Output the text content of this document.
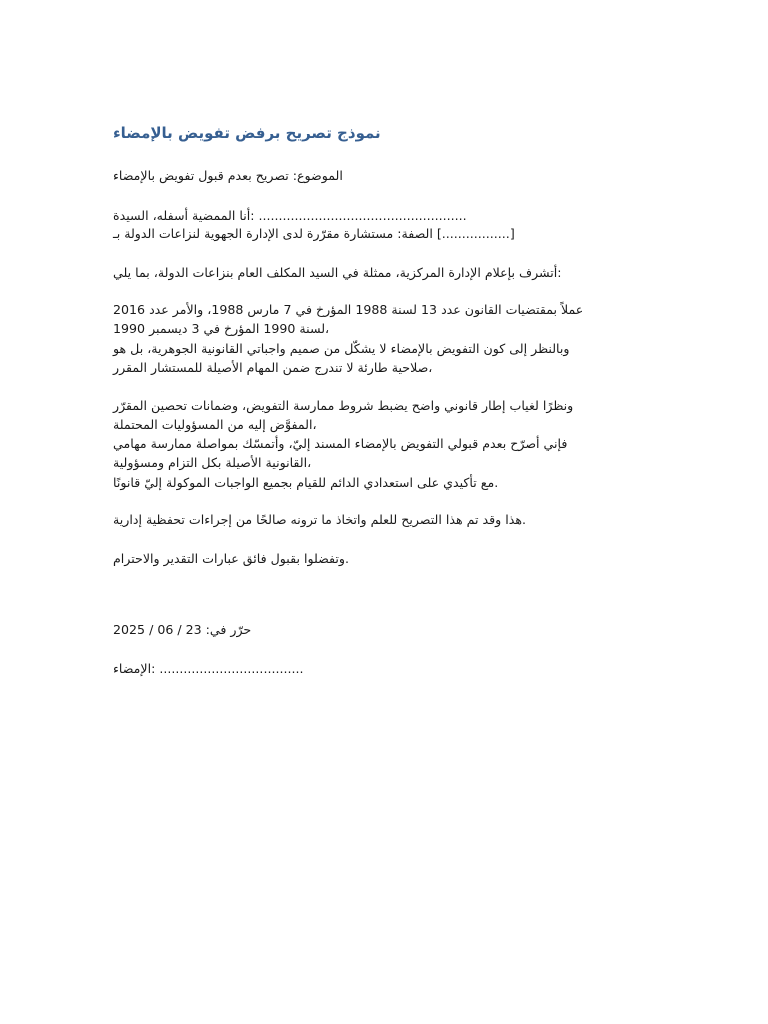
نموذج تصريح برفض تفويض بالإمضاء
الموضوع: تصريح بعدم قبول تفويض بالإمضاء
أنا الممضية أسفله، السيدة: ....................................................
الصفة: مستشارة مقرّرة لدى الإدارة الجهوية لنزاعات الدولة بـ [.................]
أتشرف بإعلام الإدارة المركزية، ممثلة في السيد المكلف العام بنزاعات الدولة، بما يلي:
عملاً بمقتضيات القانون عدد 13 لسنة 1988 المؤرخ في 7 مارس 1988، والأمر عدد 2016
لسنة 1990 المؤرخ في 3 ديسمبر 1990،
وبالنظر إلى كون التفويض بالإمضاء لا يشكّل من صميم واجباتي القانونية الجوهرية، بل هو
صلاحية طارئة لا تندرج ضمن المهام الأصيلة للمستشار المقرر،
ونظرًا لغياب إطار قانوني واضح يضبط شروط ممارسة التفويض، وضمانات تحصين المقرّر
المفوَّض إليه من المسؤوليات المحتملة،
فإني أصرّح بعدم قبولي التفويض بالإمضاء المسند إليّ، وأتمسّك بمواصلة ممارسة مهامي
القانونية الأصيلة بكل التزام ومسؤولية،
مع تأكيدي على استعدادي الدائم للقيام بجميع الواجبات الموكولة إليّ قانونًا.
هذا وقد تم هذا التصريح للعلم واتخاذ ما ترونه صالحًا من إجراءات تحفظية إدارية.
وتفضلوا بقبول فائق عبارات التقدير والاحترام.
حرّر في: 23 / 06 / 2025
الإمضاء: ....................................
